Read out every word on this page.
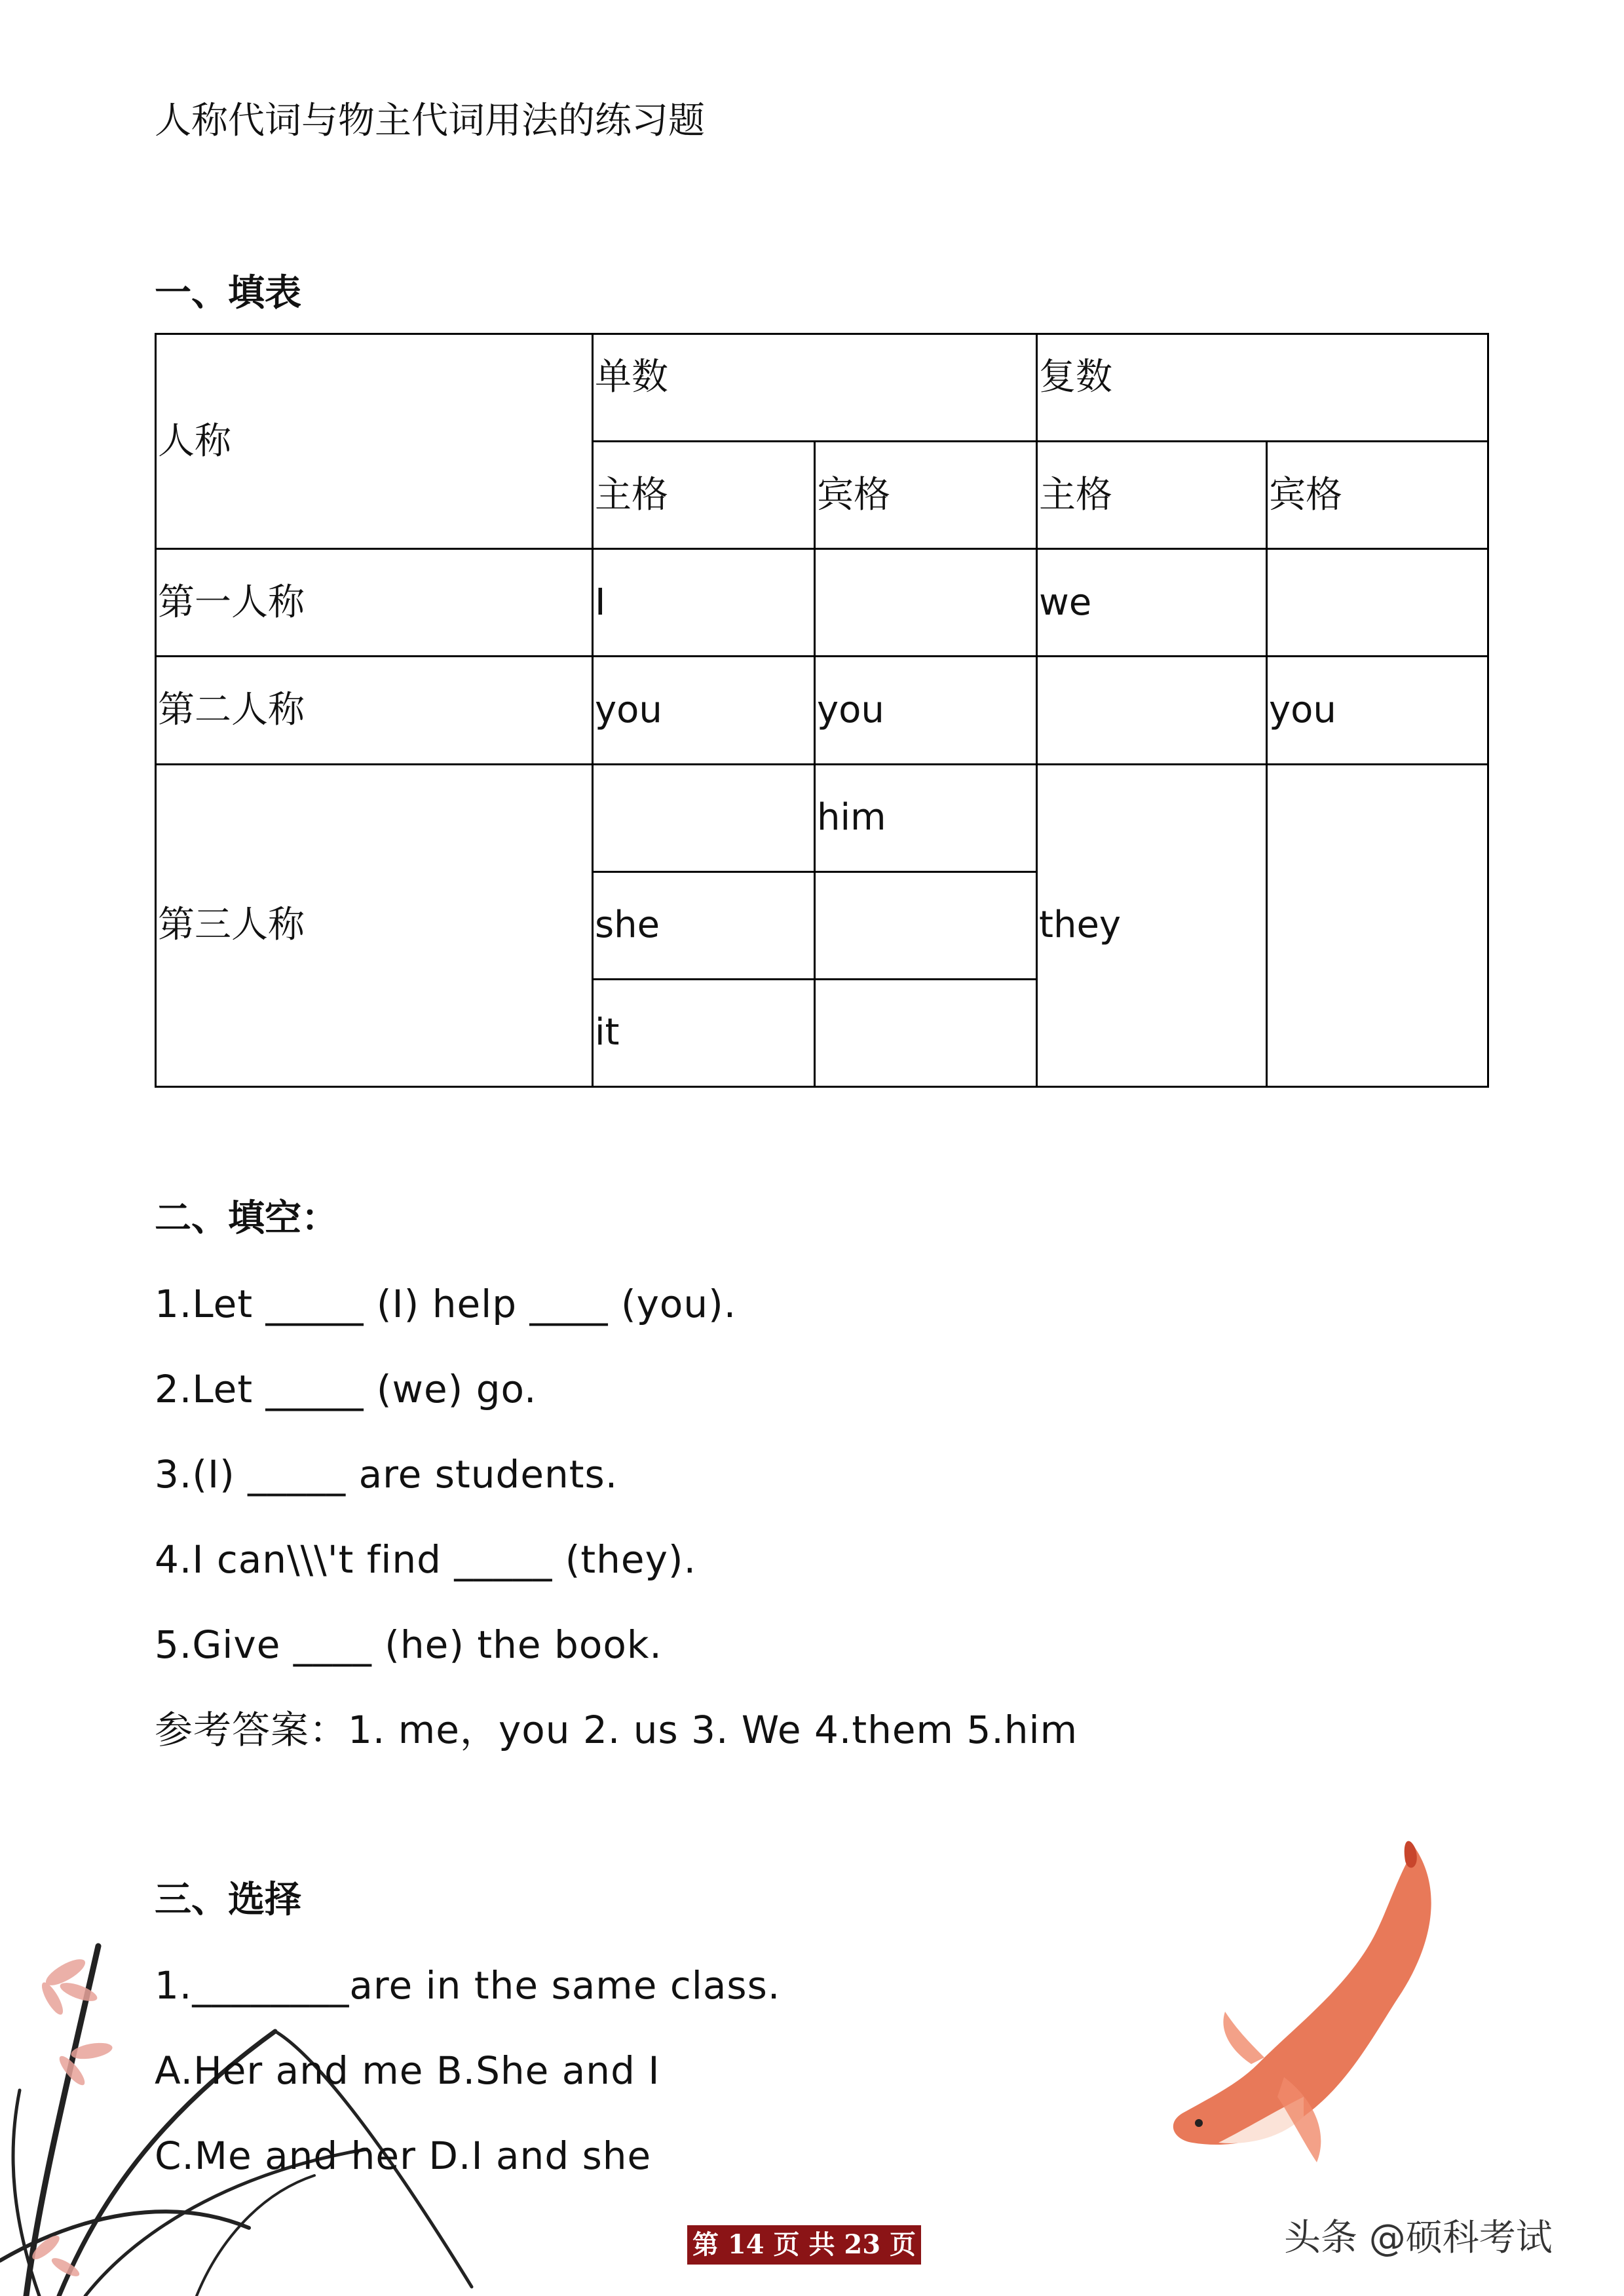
人称代词与物主代词用法的练习题
一、填表
人称	单数		复数	
	主格	宾格	主格	宾格
第一人称	I		we	
第二人称	you	you		you
第三人称		him	they	
	she			
	it			
二、填空：
1.Let _____ (I) help ____ (you).
2.Let _____ (we) go.
3.(I) _____ are students.
4.I can\\\'t find _____ (they).
5.Give ____ (he) the book.
参考答案：1. me，you 2. us 3. We 4.them 5.him
三、选择
1.________are in the same class.
A.Her and me B.She and I
C.Me and her D.I and she
第 14 页 共 23 页	头条 @硕科考试
